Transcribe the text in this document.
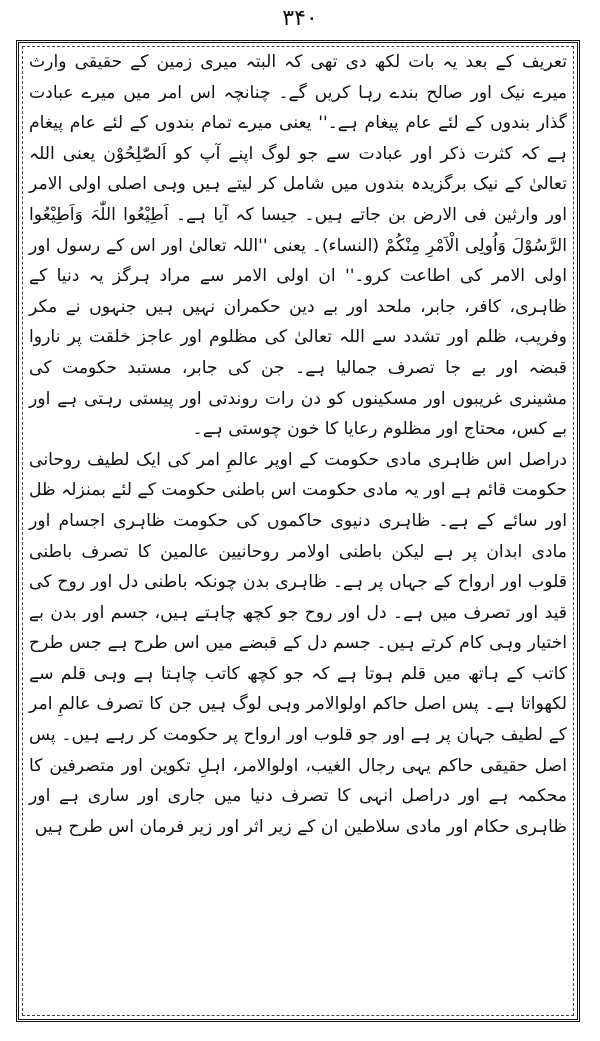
۳۴۰

تعریف کے بعد یہ بات لکھ دی تھی کہ البتہ میری زمین کے حقیقی وارث میرے نیک اور صالح بندے رہا کریں گے۔ چنانچہ اس امر میں میرے عبادت گذار بندوں کے لئے عام پیغام ہے۔'' یعنی میرے تمام بندوں کے لئے عام پیغام ہے کہ کثرت ذکر اور عبادت سے جو لوگ اپنے آپ کو اَلصّٰلِحُوْن یعنی اللہ تعالیٰ کے نیک برگزیدہ بندوں میں شامل کر لیتے ہیں وہی اصلی اولی الامر اور وارثین فی الارض بن جاتے ہیں۔ جیسا کہ آیا ہے۔ اَطِیْعُوا اللّٰہَ وَاَطِیْعُوا الرَّسُوْلَ وَاُولِی الْاَمْرِ مِنْکُمْ (النساء)۔ یعنی ''اللہ تعالیٰ اور اس کے رسول اور اولی الامر کی اطاعت کرو۔'' ان اولی الامر سے مراد ہرگز یہ دنیا کے ظاہری، کافر، جابر، ملحد اور بے دین حکمران نہیں ہیں جنہوں نے مکر وفریب، ظلم اور تشدد سے اللہ تعالیٰ کی مظلوم اور عاجز خلقت پر ناروا قبضہ اور بے جا تصرف جمالیا ہے۔ جن کی جابر، مستبد حکومت کی مشینری غریبوں اور مسکینوں کو دن رات روندتی اور پیستی رہتی ہے اور بے کس، محتاج اور مظلوم رعایا کا خون چوستی ہے۔

دراصل اس ظاہری مادی حکومت کے اوپر عالمِ امر کی ایک لطیف روحانی حکومت قائم ہے اور یہ مادی حکومت اس باطنی حکومت کے لئے بمنزلہ ظل اور سائے کے ہے۔ ظاہری دنیوی حاکموں کی حکومت ظاہری اجسام اور مادی ابدان پر ہے لیکن باطنی اولامر روحانیین عالمین کا تصرف باطنی قلوب اور ارواح کے جہاں پر ہے۔ ظاہری بدن چونکہ باطنی دل اور روح کی قید اور تصرف میں ہے۔ دل اور روح جو کچھ چاہتے ہیں، جسم اور بدن بے اختیار وہی کام کرتے ہیں۔ جسم دل کے قبضے میں اس طرح ہے جس طرح کاتب کے ہاتھ میں قلم ہوتا ہے کہ جو کچھ کاتب چاہتا ہے وہی قلم سے لکھواتا ہے۔ پس اصل حاکم اولوالامر وہی لوگ ہیں جن کا تصرف عالمِ امر کے لطیف جہان پر ہے اور جو قلوب اور ارواح پر حکومت کر رہے ہیں۔ پس اصل حقیقی حاکم یہی رجال الغیب، اولوالامر، اہلِ تکوین اور متصرفین کا محکمہ ہے اور دراصل انہی کا تصرف دنیا میں جاری اور ساری ہے اور ظاہری حکام اور مادی سلاطین ان کے زیر اثر اور زیر فرمان اس طرح ہیں
